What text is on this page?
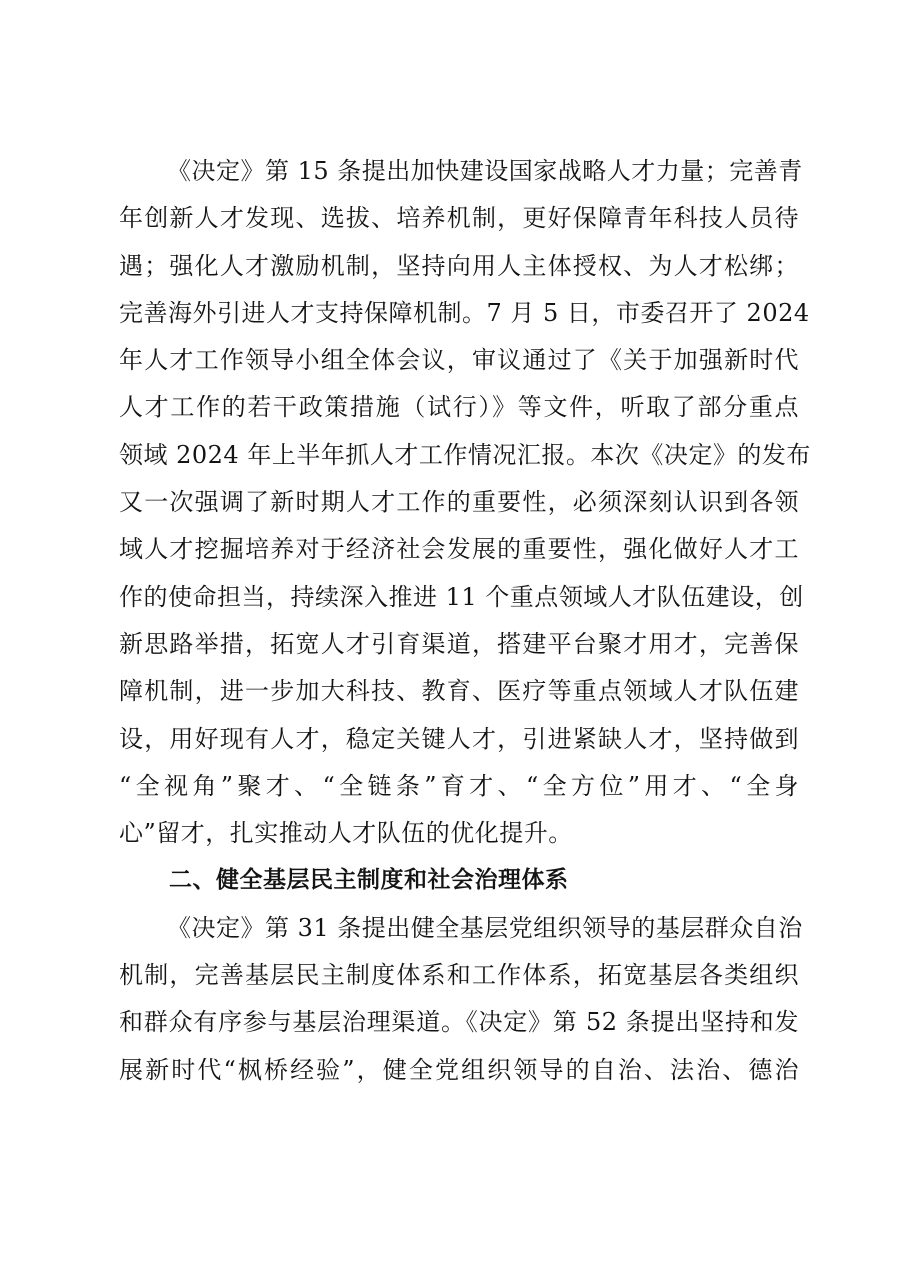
《决定》第 15 条提出加快建设国家战略人才力量；完善青
年创新人才发现、选拔、培养机制，更好保障青年科技人员待
遇；强化人才激励机制，坚持向用人主体授权、为人才松绑；
完善海外引进人才支持保障机制。7 月 5 日，市委召开了 2024
年人才工作领导小组全体会议，审议通过了《关于加强新时代
人才工作的若干政策措施（试行）》等文件，听取了部分重点
领域 2024 年上半年抓人才工作情况汇报。本次《决定》的发布
又一次强调了新时期人才工作的重要性，必须深刻认识到各领
域人才挖掘培养对于经济社会发展的重要性，强化做好人才工
作的使命担当，持续深入推进 11 个重点领域人才队伍建设，创
新思路举措，拓宽人才引育渠道，搭建平台聚才用才，完善保
障机制，进一步加大科技、教育、医疗等重点领域人才队伍建
设，用好现有人才，稳定关键人才，引进紧缺人才，坚持做到
“全视角”聚才、“全链条”育才、“全方位”用才、“全身
心”留才，扎实推动人才队伍的优化提升。
二、健全基层民主制度和社会治理体系
《决定》第 31 条提出健全基层党组织领导的基层群众自治
机制，完善基层民主制度体系和工作体系，拓宽基层各类组织
和群众有序参与基层治理渠道。《决定》第 52 条提出坚持和发
展新时代“枫桥经验”，健全党组织领导的自治、法治、德治
